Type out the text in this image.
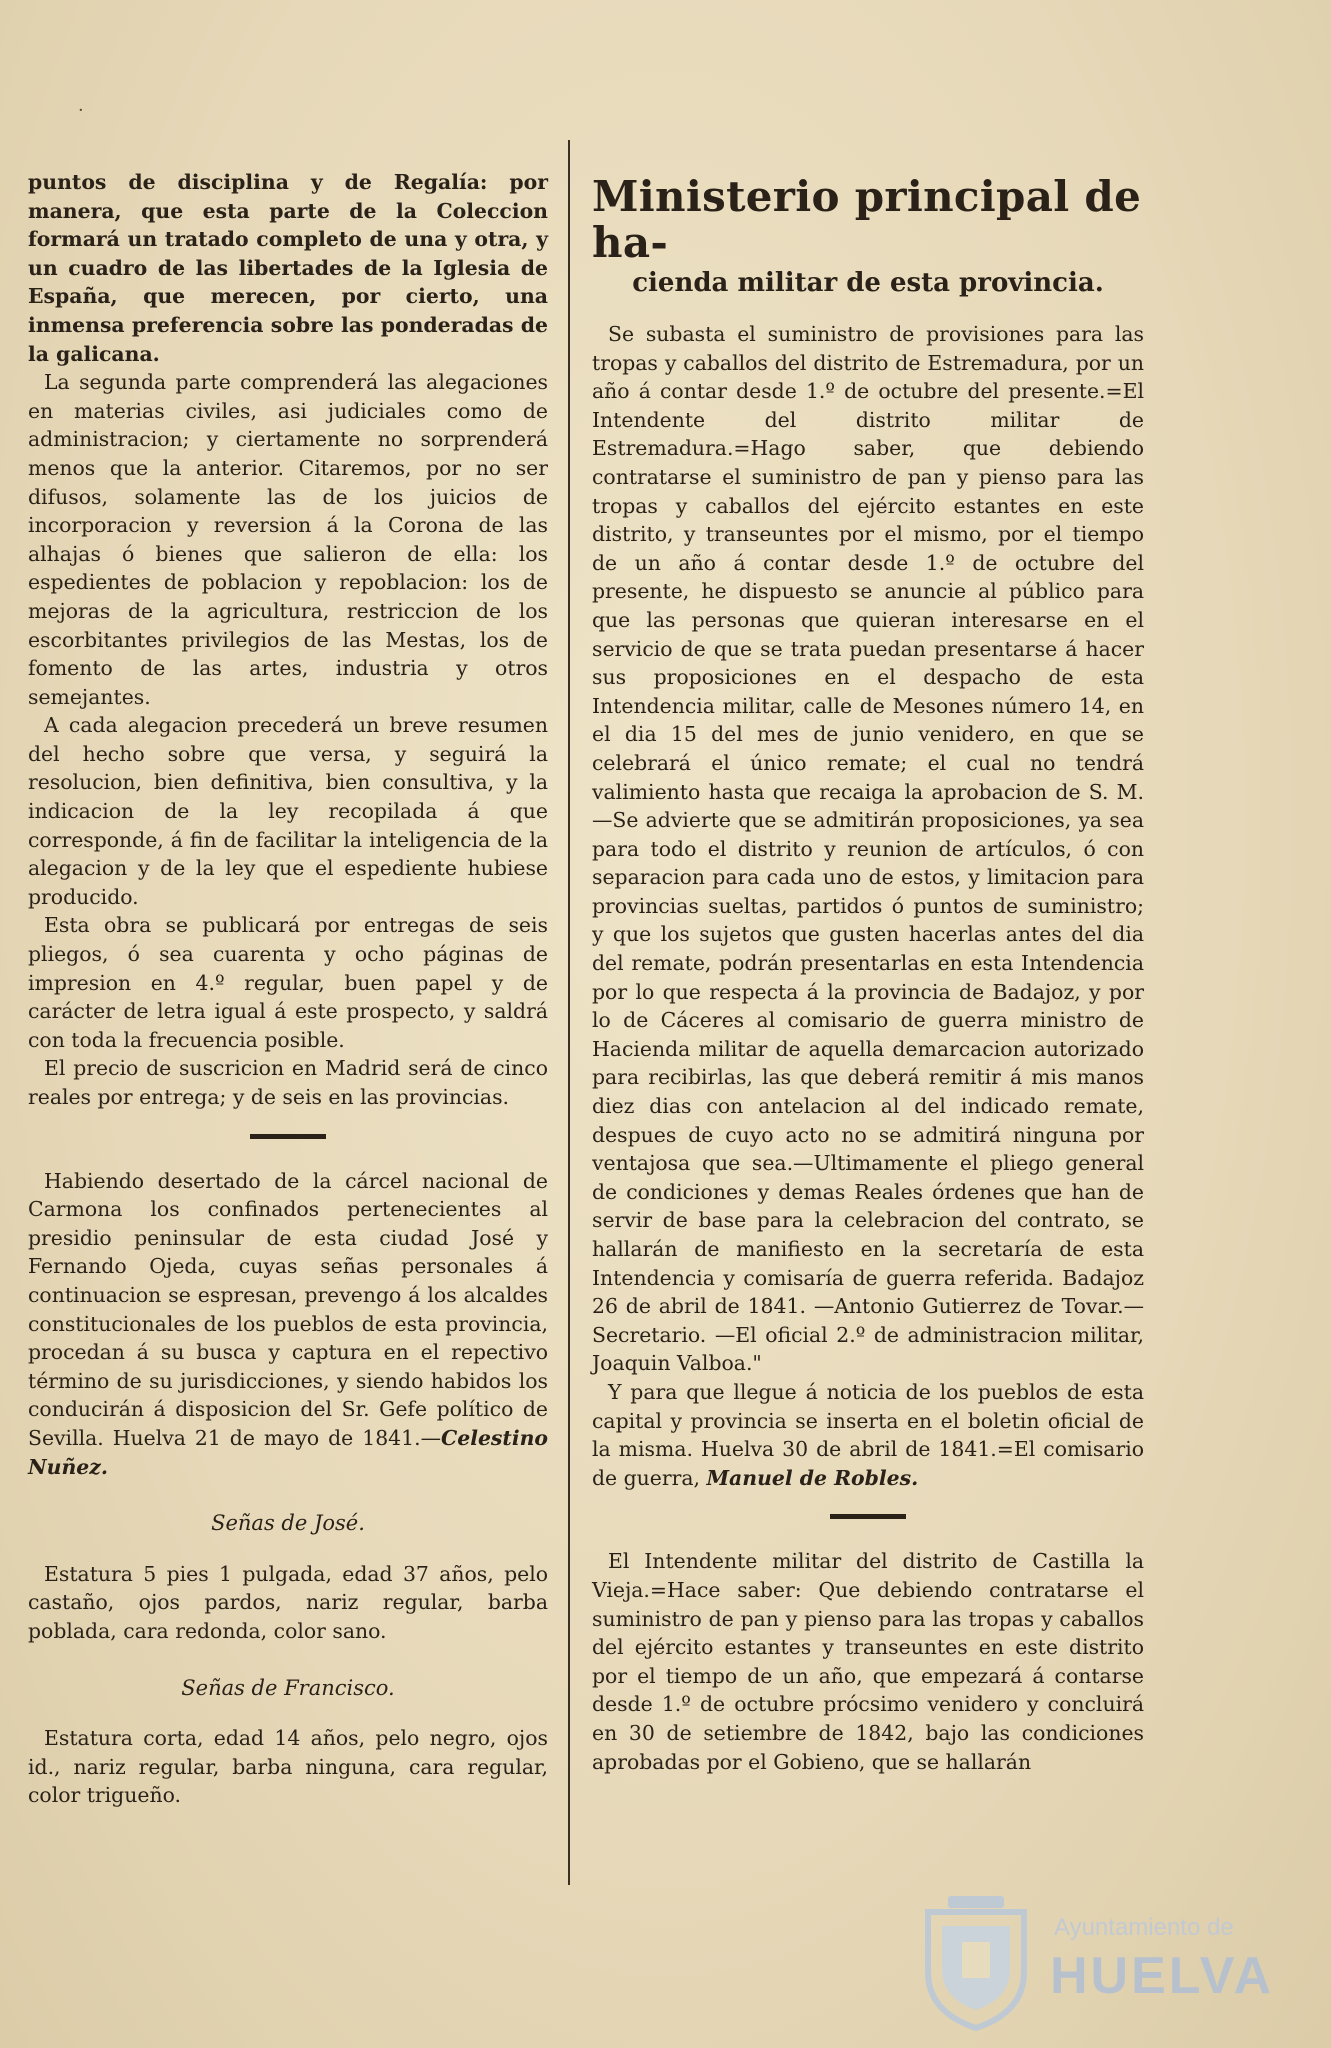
·

puntos de disciplina y de Regalía: por manera, que esta parte de la Coleccion formará un tratado completo de una y otra, y un cuadro de las libertades de la Iglesia de España, que merecen, por cierto, una inmensa preferencia sobre las ponderadas de la galicana.

La segunda parte comprenderá las alegaciones en materias civiles, asi judiciales como de administracion; y ciertamente no sorprenderá menos que la anterior. Citaremos, por no ser difusos, solamente las de los juicios de incorporacion y reversion á la Corona de las alhajas ó bienes que salieron de ella: los espedientes de poblacion y repoblacion: los de mejoras de la agricultura, restriccion de los escorbitantes privilegios de las Mestas, los de fomento de las artes, industria y otros semejantes.

A cada alegacion precederá un breve resumen del hecho sobre que versa, y seguirá la resolucion, bien definitiva, bien consultiva, y la indicacion de la ley recopilada á que corresponde, á fin de facilitar la inteligencia de la alegacion y de la ley que el espediente hubiese producido.

Esta obra se publicará por entregas de seis pliegos, ó sea cuarenta y ocho páginas de impresion en 4.º regular, buen papel y de carácter de letra igual á este prospecto, y saldrá con toda la frecuencia posible.

El precio de suscricion en Madrid será de cinco reales por entrega; y de seis en las provincias.

Habiendo desertado de la cárcel nacional de Carmona los confinados pertenecientes al presidio peninsular de esta ciudad José y Fernando Ojeda, cuyas señas personales á continuacion se espresan, prevengo á los alcaldes constitucionales de los pueblos de esta provincia, procedan á su busca y captura en el repectivo término de su jurisdicciones, y siendo habidos los conducirán á disposicion del Sr. Gefe político de Sevilla. Huelva 21 de mayo de 1841.—Celestino Nuñez.

Señas de José.

Estatura 5 pies 1 pulgada, edad 37 años, pelo castaño, ojos pardos, nariz regular, barba poblada, cara redonda, color sano.

Señas de Francisco.

Estatura corta, edad 14 años, pelo negro, ojos id., nariz regular, barba ninguna, cara regular, color trigueño.

Ministerio principal de ha-
cienda militar de esta provincia.

Se subasta el suministro de provisiones para las tropas y caballos del distrito de Estremadura, por un año á contar desde 1.º de octubre del presente.=El Intendente del distrito militar de Estremadura.=Hago saber, que debiendo contratarse el suministro de pan y pienso para las tropas y caballos del ejército estantes en este distrito, y transeuntes por el mismo, por el tiempo de un año á contar desde 1.º de octubre del presente, he dispuesto se anuncie al público para que las personas que quieran interesarse en el servicio de que se trata puedan presentarse á hacer sus proposiciones en el despacho de esta Intendencia militar, calle de Mesones número 14, en el dia 15 del mes de junio venidero, en que se celebrará el único remate; el cual no tendrá valimiento hasta que recaiga la aprobacion de S. M.—Se advierte que se admitirán proposiciones, ya sea para todo el distrito y reunion de artículos, ó con separacion para cada uno de estos, y limitacion para provincias sueltas, partidos ó puntos de suministro; y que los sujetos que gusten hacerlas antes del dia del remate, podrán presentarlas en esta Intendencia por lo que respecta á la provincia de Badajoz, y por lo de Cáceres al comisario de guerra ministro de Hacienda militar de aquella demarcacion autorizado para recibirlas, las que deberá remitir á mis manos diez dias con antelacion al del indicado remate, despues de cuyo acto no se admitirá ninguna por ventajosa que sea.—Ultimamente el pliego general de condiciones y demas Reales órdenes que han de servir de base para la celebracion del contrato, se hallarán de manifiesto en la secretaría de esta Intendencia y comisaría de guerra referida. Badajoz 26 de abril de 1841. —Antonio Gutierrez de Tovar.—Secretario. —El oficial 2.º de administracion militar, Joaquin Valboa."

Y para que llegue á noticia de los pueblos de esta capital y provincia se inserta en el boletin oficial de la misma. Huelva 30 de abril de 1841.=El comisario de guerra, Manuel de Robles.

El Intendente militar del distrito de Castilla la Vieja.=Hace saber: Que debiendo contratarse el suministro de pan y pienso para las tropas y caballos del ejército estantes y transeuntes en este distrito por el tiempo de un año, que empezará á contarse desde 1.º de octubre prócsimo venidero y concluirá en 30 de setiembre de 1842, bajo las condiciones aprobadas por el Gobieno, que se hallarán

Ayuntamiento de
HUELVA
